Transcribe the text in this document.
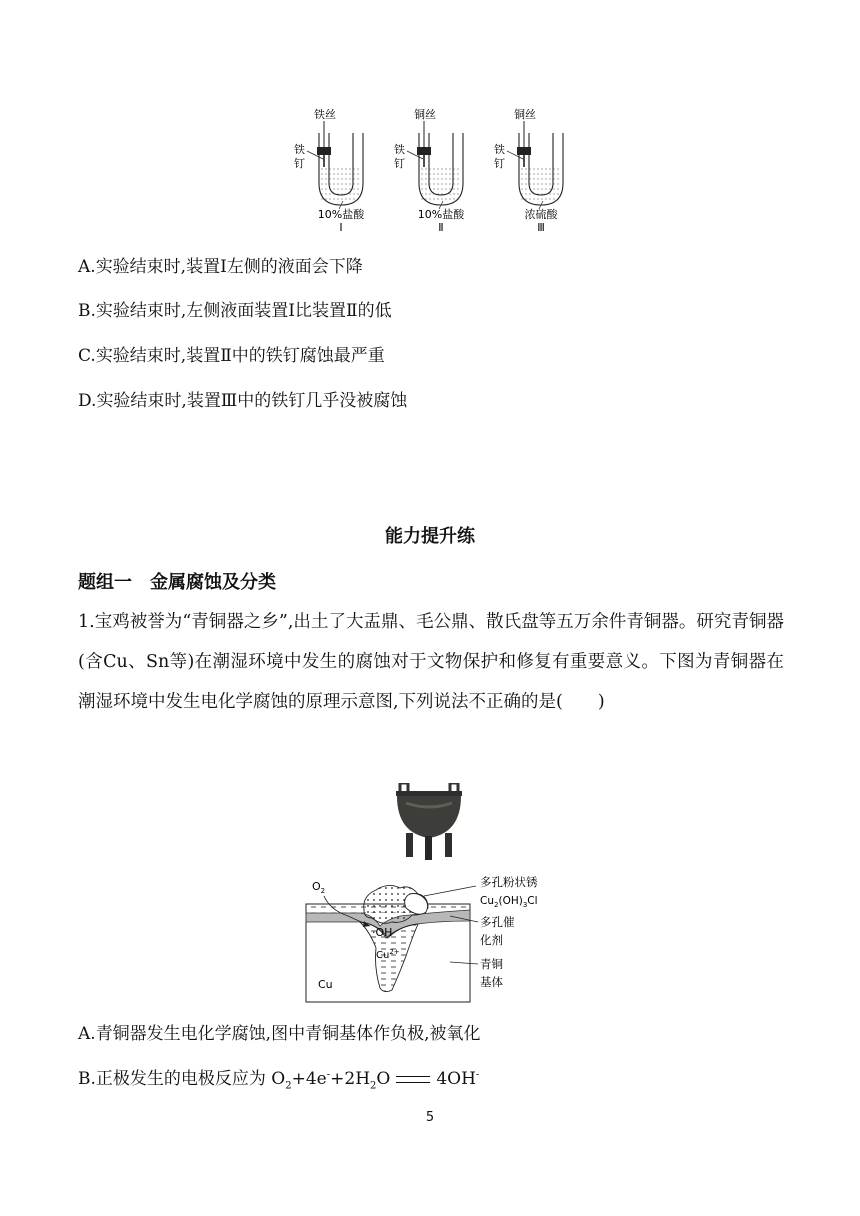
铁丝
铁
钉
10%盐酸
Ⅰ
铜丝
铁
钉
10%盐酸
Ⅱ
铜丝
铁
钉
浓硫酸
Ⅲ
A.实验结束时,装置Ⅰ左侧的液面会下降
B.实验结束时,左侧液面装置Ⅰ比装置Ⅱ的低
C.实验结束时,装置Ⅱ中的铁钉腐蚀最严重
D.实验结束时,装置Ⅲ中的铁钉几乎没被腐蚀
能力提升练
题组一　金属腐蚀及分类
1.宝鸡被誉为“青铜器之乡”,出土了大盂鼎、毛公鼎、散氏盘等五万余件青铜器。研究青铜器(含Cu、Sn等)在潮湿环境中发生的腐蚀对于文物保护和修复有重要意义。下图为青铜器在潮湿环境中发生电化学腐蚀的原理示意图,下列说法不正确的是(　　)
$O_2$
·OH
$Cu^{2+}$
Cu
多孔粉状锈
$Cu_2(OH)_3Cl$
多孔催
化剂
青铜
基体
A.青铜器发生电化学腐蚀,图中青铜基体作负极,被氧化
B.正极发生的电极反应为 $O_2+4e^-+2H_2O$	4OH-
5
